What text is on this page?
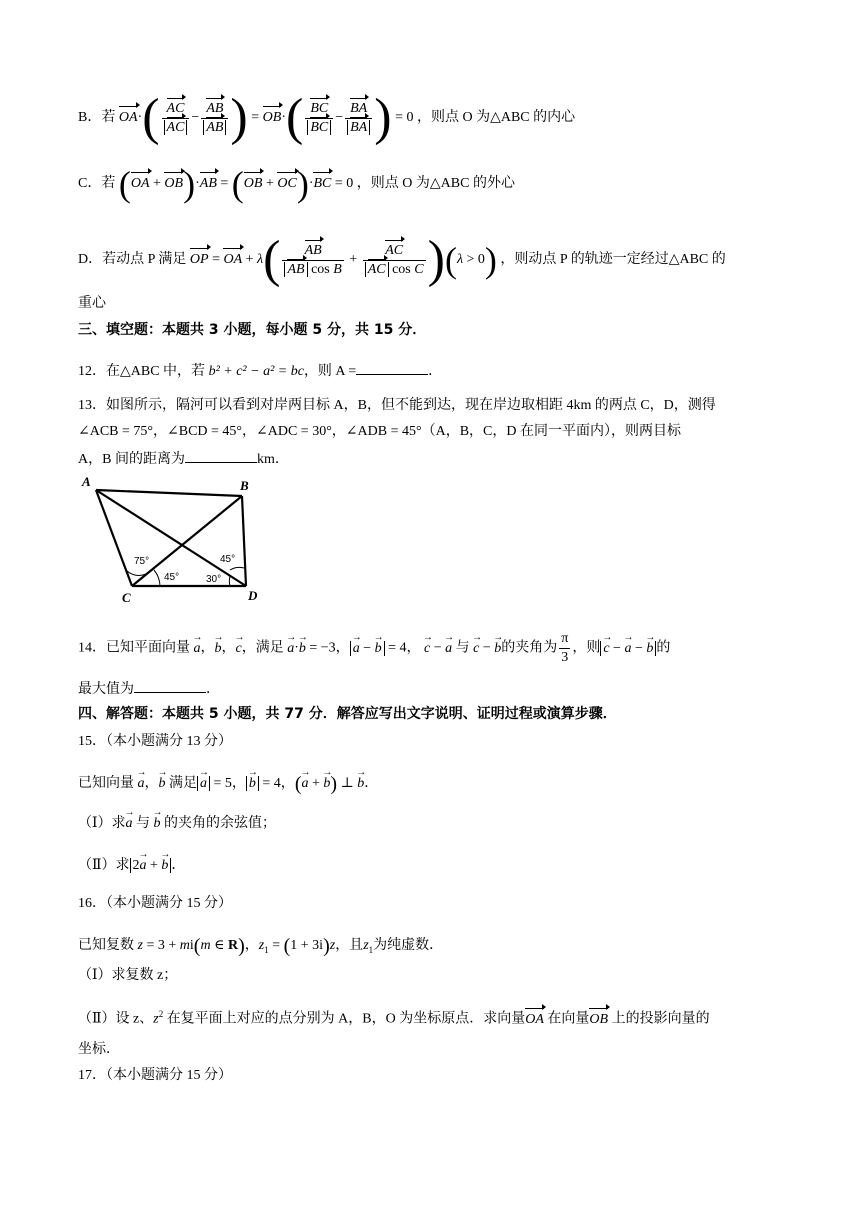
B．若 $OA\cdot( \frac{AC}{AC} - \frac{AB}{AB}$ ) = $OB\cdot( \frac{BC}{BC} - \frac{BA}{BA}$ ) = 0 ，则点 O 为△ABC 的内心
C．若 (OA + OB)·AB = (OB + OC)·BC = 0 ，则点 O 为△ABC 的外心
D．若动点 P 满足 OP = OA + $\lambda( \frac{AB}{\text{AB cos B}} + \frac{AC}{\text{AC cos C}} )(\lambda > 0)$ ，则动点 P 的轨迹一定经过△ABC 的
重心
三、填空题：本题共 3 小题，每小题 5 分，共 15 分．
12．在△ABC 中，若 b² + c² − a² = bc，则 A =	．
13．如图所示，隔河可以看到对岸两目标 A，B，但不能到达，现在岸边取相距 4km 的两点 C，D，测得
∠ACB = 75°，∠BCD = 45°，∠ADC = 30°，∠ADB = 45°（A，B，C，D 在同一平面内），则两目标
A，B 间的距离为	km．
75°
45°
45°
30°
A	B
C	D
14．已知平面向量 a →，b →，c →，满足 a →·b → = −3， a → − b → = 4， c → − a → 与 c → − b →的夹角为 $\frac{\pi}{3}$ ，则 c → − a → − b → 的
最大值为	．
四、解答题：本题共 5 小题，共 77 分．解答应写出文字说明、证明过程或演算步骤．
15．（本小题满分 13 分）
已知向量 a →，b → 满足 a → = 5， b → = 4，(a → + b →) ⊥ b →．
（Ⅰ）求a → 与 b → 的夹角的余弦值；
（Ⅱ）求 2a → + b → ．
16．（本小题满分 15 分）
已知复数 z = 3 + mi(m ∈ R)，$z_1 = (1 + 3i)z$，且$z_1$为纯虚数．
（Ⅰ）求复数 z；
（Ⅱ）设 z、$z^2$ 在复平面上对应的点分别为 A，B，O 为坐标原点．求向量OA 在向量OB 上的投影向量的
坐标．
17．（本小题满分 15 分）
